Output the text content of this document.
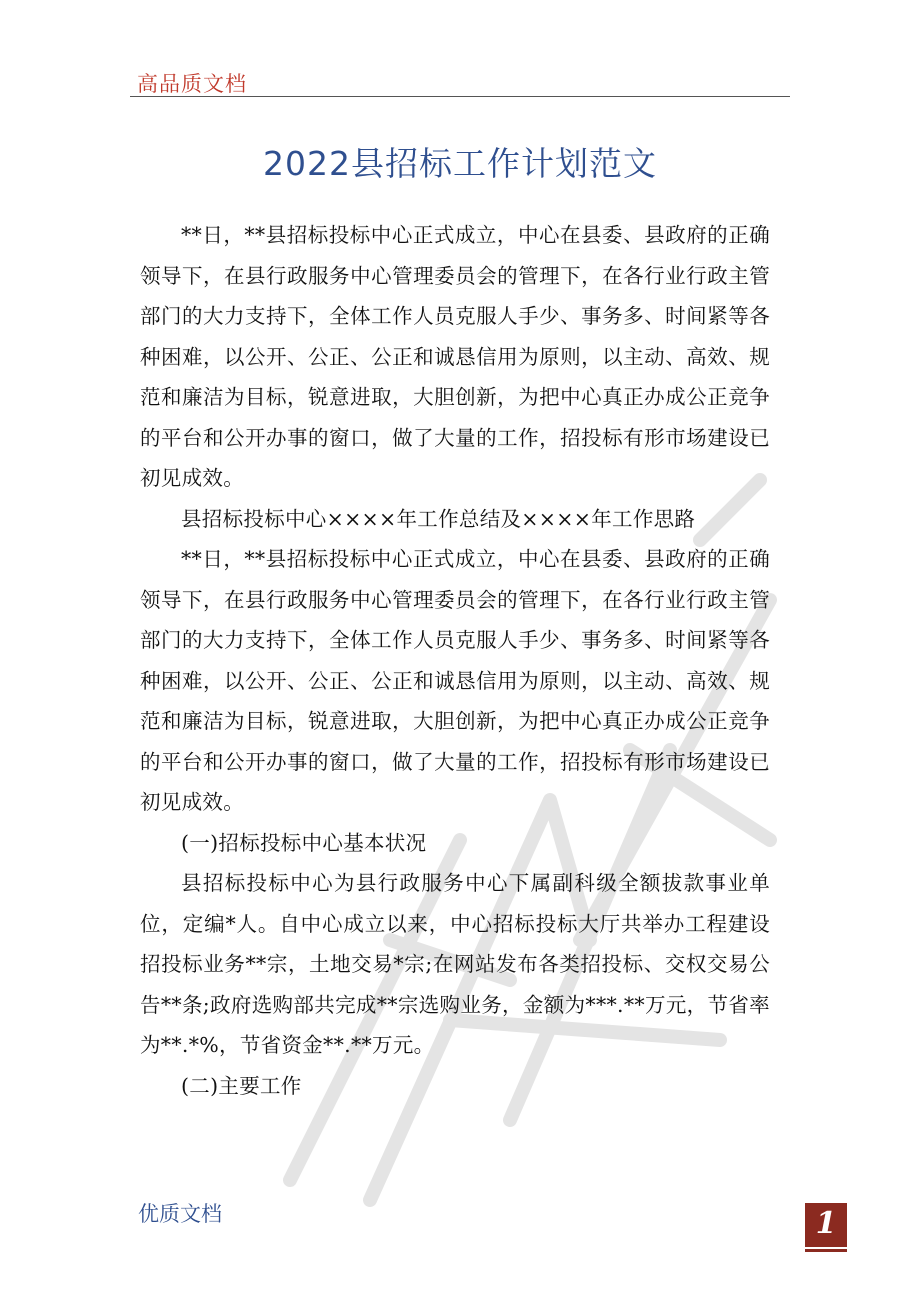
高品质文档
2022县招标工作计划范文

**日，**县招标投标中心正式成立，中心在县委、县政府的正确领导下，在县行政服务中心管理委员会的管理下，在各行业行政主管部门的大力支持下，全体工作人员克服人手少、事务多、时间紧等各种困难，以公开、公正、公正和诚恳信用为原则，以主动、高效、规范和廉洁为目标，锐意进取，大胆创新，为把中心真正办成公正竞争的平台和公开办事的窗口，做了大量的工作，招投标有形市场建设已初见成效。

县招标投标中心××××年工作总结及××××年工作思路

**日，**县招标投标中心正式成立，中心在县委、县政府的正确领导下，在县行政服务中心管理委员会的管理下，在各行业行政主管部门的大力支持下，全体工作人员克服人手少、事务多、时间紧等各种困难，以公开、公正、公正和诚恳信用为原则，以主动、高效、规范和廉洁为目标，锐意进取，大胆创新，为把中心真正办成公正竞争的平台和公开办事的窗口，做了大量的工作，招投标有形市场建设已初见成效。

(一)招标投标中心基本状况

县招标投标中心为县行政服务中心下属副科级全额拔款事业单位，定编*人。自中心成立以来，中心招标投标大厅共举办工程建设招投标业务**宗，土地交易*宗;在网站发布各类招投标、交权交易公告**条;政府选购部共完成**宗选购业务，金额为***.**万元，节省率为**.*%，节省资金**.**万元。

(二)主要工作

优质文档	1
